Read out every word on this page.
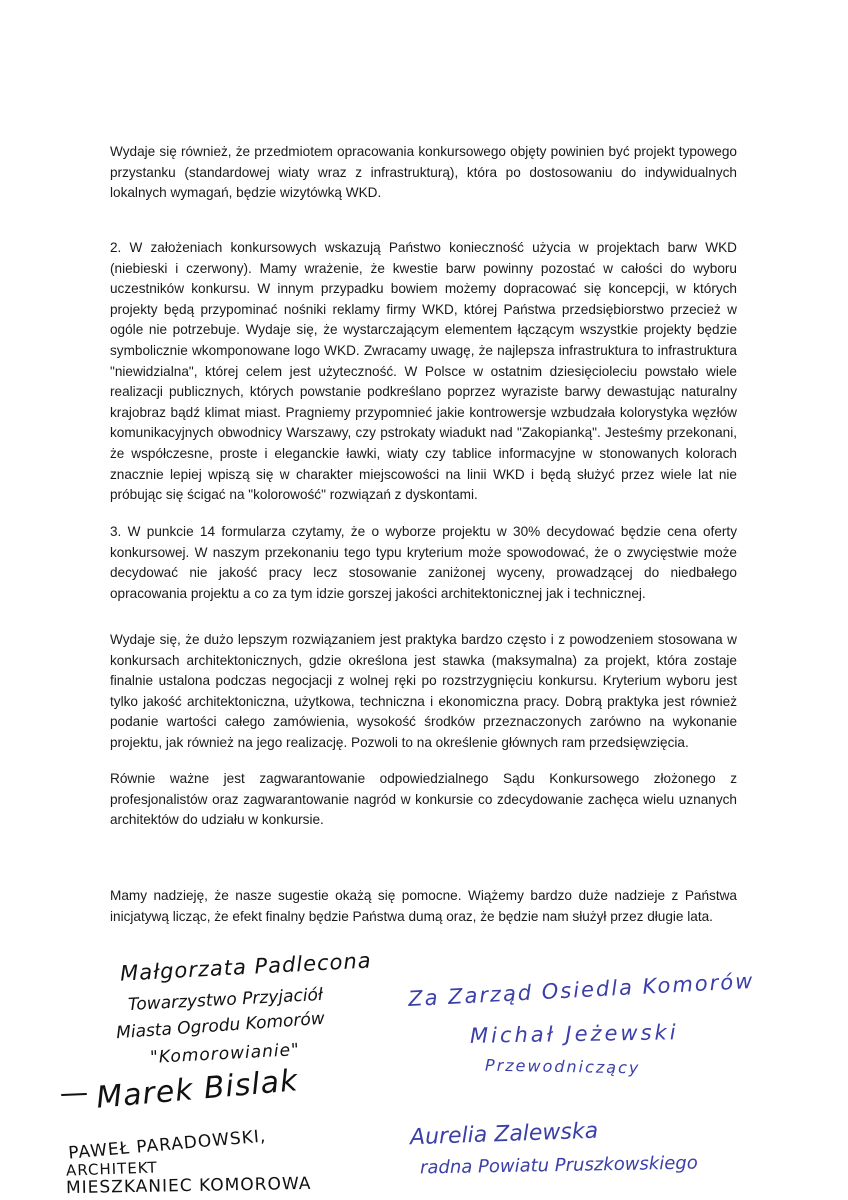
Wydaje się również, że przedmiotem opracowania konkursowego objęty powinien być projekt typowego przystanku (standardowej wiaty wraz z infrastrukturą), która po dostosowaniu do indywidualnych lokalnych wymagań, będzie wizytówką WKD.

2. W założeniach konkursowych wskazują Państwo konieczność użycia w projektach barw WKD (niebieski i czerwony). Mamy wrażenie, że kwestie barw powinny pozostać w całości do wyboru uczestników konkursu. W innym przypadku bowiem możemy dopracować się koncepcji, w których projekty będą przypominać nośniki reklamy firmy WKD, której Państwa przedsiębiorstwo przecież w ogóle nie potrzebuje. Wydaje się, że wystarczającym elementem łączącym wszystkie projekty będzie symbolicznie wkomponowane logo WKD. Zwracamy uwagę, że najlepsza infrastruktura to infrastruktura "niewidzialna", której celem jest użyteczność. W Polsce w ostatnim dziesięcioleciu powstało wiele realizacji publicznych, których powstanie podkreślano poprzez wyraziste barwy dewastując naturalny krajobraz bądź klimat miast. Pragniemy przypomnieć jakie kontrowersje wzbudzała kolorystyka węzłów komunikacyjnych obwodnicy Warszawy, czy pstrokaty wiadukt nad "Zakopianką". Jesteśmy przekonani, że współczesne, proste i eleganckie ławki, wiaty czy tablice informacyjne w stonowanych kolorach znacznie lepiej wpiszą się w charakter miejscowości na linii WKD i będą służyć przez wiele lat nie próbując się ścigać na "kolorowość" rozwiązań z dyskontami.

3. W punkcie 14 formularza czytamy, że o wyborze projektu w 30% decydować będzie cena oferty konkursowej. W naszym przekonaniu tego typu kryterium może spowodować, że o zwycięstwie może decydować nie jakość pracy lecz stosowanie zaniżonej wyceny, prowadzącej do niedbałego opracowania projektu a co za tym idzie gorszej jakości architektonicznej jak i technicznej.

Wydaje się, że dużo lepszym rozwiązaniem jest praktyka bardzo często i z powodzeniem stosowana w konkursach architektonicznych, gdzie określona jest stawka (maksymalna) za projekt, która zostaje finalnie ustalona podczas negocjacji z wolnej ręki po rozstrzygnięciu konkursu. Kryterium wyboru jest tylko jakość architektoniczna, użytkowa, techniczna i ekonomiczna pracy. Dobrą praktyka jest również podanie wartości całego zamówienia, wysokość środków przeznaczonych zarówno na wykonanie projektu, jak również na jego realizację. Pozwoli to na określenie głównych ram przedsięwzięcia.

Równie ważne jest zagwarantowanie odpowiedzialnego Sądu Konkursowego złożonego z profesjonalistów oraz zagwarantowanie nagród w konkursie co zdecydowanie zachęca wielu uznanych architektów do udziału w konkursie.

Mamy nadzieję, że nasze sugestie okażą się pomocne. Wiążemy bardzo duże nadzieje z Państwa inicjatywą licząc, że efekt finalny będzie Państwa dumą oraz, że będzie nam służył przez długie lata.

Małgorzata Padlecona
Towarzystwo Przyjaciół
Miasta Ogrodu Komorów
"Komorowianie"
Marek Bislak
PAWEŁ PARADOWSKI,
ARCHITEKT
MIESZKANIEC KOMOROWA
Za Zarząd Osiedla Komorów
Michał Jeżewski
Przewodniczący
Aurelia Zalewska
radna Powiatu Pruszkowskiego
